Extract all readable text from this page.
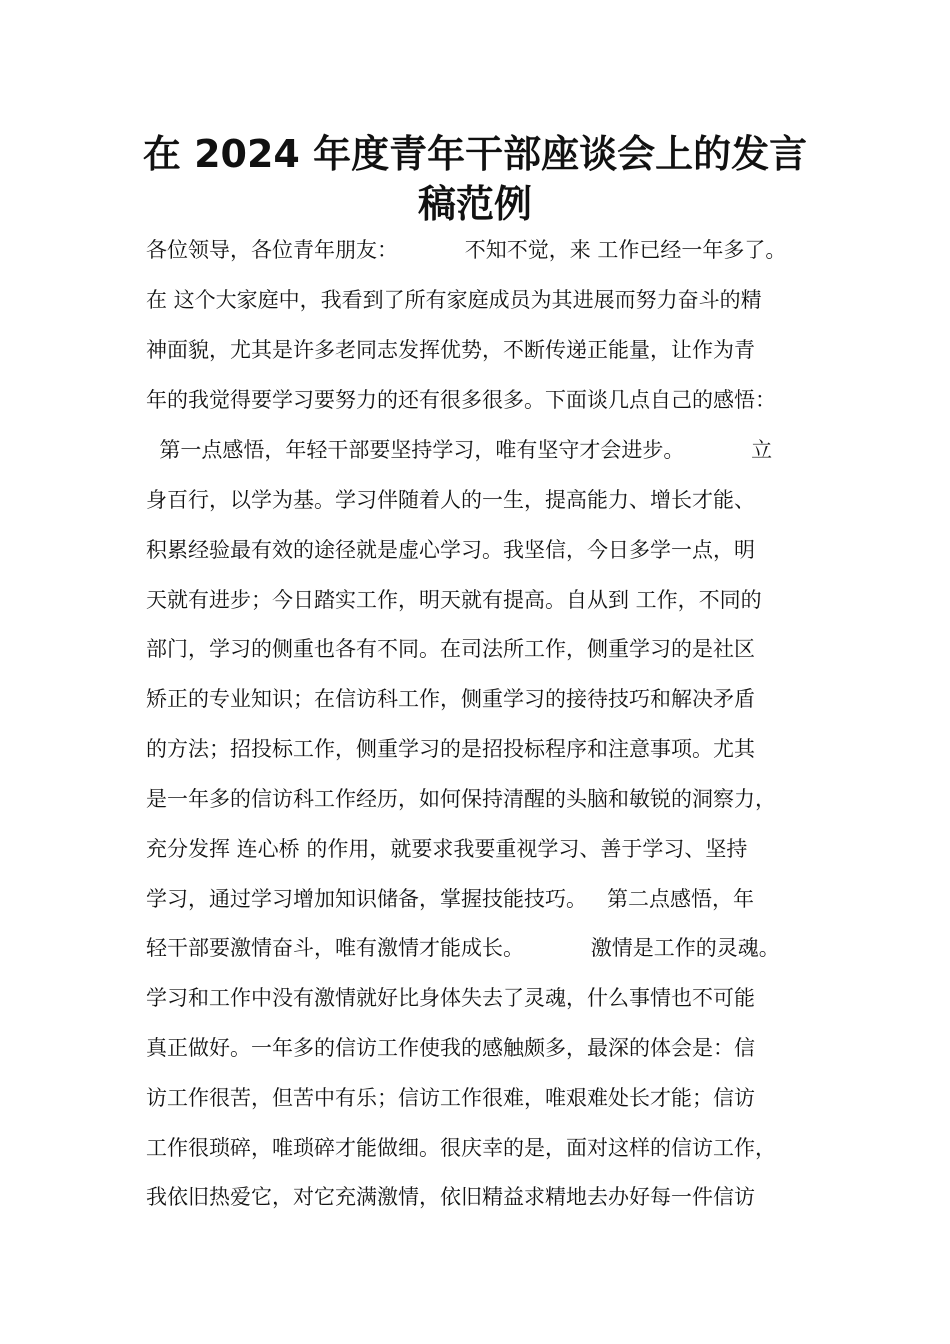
在 2024 年度青年干部座谈会上的发言
稿范例

各位领导，各位青年朋友：          不知不觉，来 工作已经一年多了。

在 这个大家庭中，我看到了所有家庭成员为其进展而努力奋斗的精

神面貌，尤其是许多老同志发挥优势，不断传递正能量，让作为青

年的我觉得要学习要努力的还有很多很多。下面谈几点自己的感悟：

第一点感悟，年轻干部要坚持学习，唯有坚守才会进步。          立

身百行，以学为基。学习伴随着人的一生，提高能力、增长才能、

积累经验最有效的途径就是虚心学习。我坚信，今日多学一点，明

天就有进步；今日踏实工作，明天就有提高。自从到 工作，不同的

部门，学习的侧重也各有不同。在司法所工作，侧重学习的是社区

矫正的专业知识；在信访科工作，侧重学习的接待技巧和解决矛盾

的方法；招投标工作，侧重学习的是招投标程序和注意事项。尤其

是一年多的信访科工作经历，如何保持清醒的头脑和敏锐的洞察力，

充分发挥 连心桥 的作用，就要求我要重视学习、善于学习、坚持

学习，通过学习增加知识储备，掌握技能技巧。   第二点感悟，年

轻干部要激情奋斗，唯有激情才能成长。          激情是工作的灵魂。

学习和工作中没有激情就好比身体失去了灵魂，什么事情也不可能

真正做好。一年多的信访工作使我的感触颇多，最深的体会是：信

访工作很苦，但苦中有乐；信访工作很难，唯艰难处长才能；信访

工作很琐碎，唯琐碎才能做细。很庆幸的是，面对这样的信访工作，

我依旧热爱它，对它充满激情，依旧精益求精地去办好每一件信访
